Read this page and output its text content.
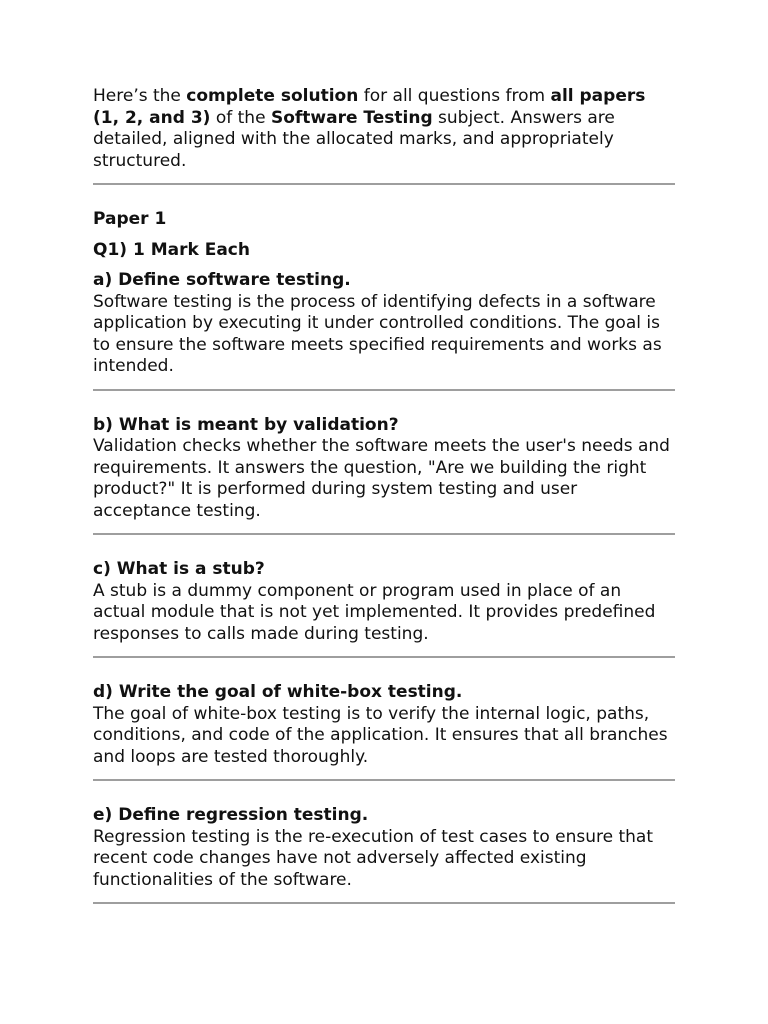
Here’s the complete solution for all questions from all papers (1, 2, and 3) of the Software Testing subject. Answers are detailed, aligned with the allocated marks, and appropriately structured.

Paper 1

Q1) 1 Mark Each

a) Define software testing.

Software testing is the process of identifying defects in a software application by executing it under controlled conditions. The goal is to ensure the software meets specified requirements and works as intended.

b) What is meant by validation?

Validation checks whether the software meets the user's needs and requirements. It answers the question, "Are we building the right product?" It is performed during system testing and user acceptance testing.

c) What is a stub?

A stub is a dummy component or program used in place of an actual module that is not yet implemented. It provides predefined responses to calls made during testing.

d) Write the goal of white-box testing.

The goal of white-box testing is to verify the internal logic, paths, conditions, and code of the application. It ensures that all branches and loops are tested thoroughly.

e) Define regression testing.

Regression testing is the re-execution of test cases to ensure that recent code changes have not adversely affected existing functionalities of the software.
